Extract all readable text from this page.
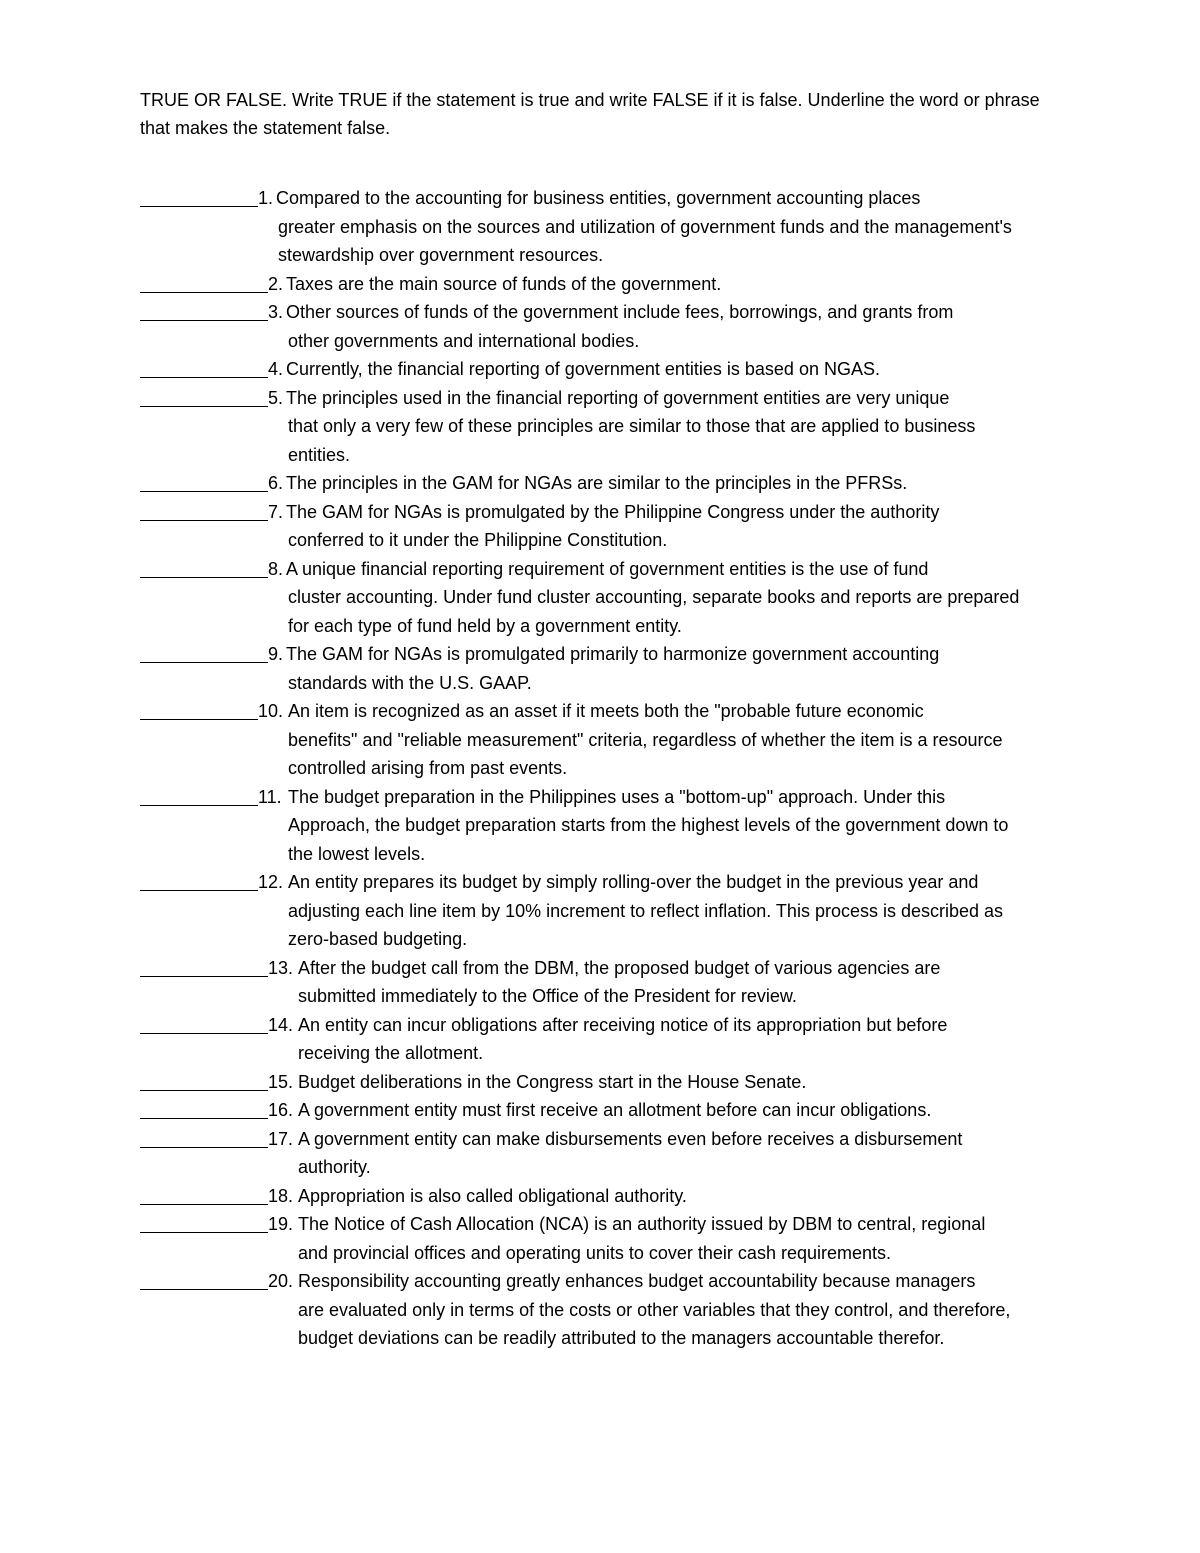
TRUE OR FALSE. Write TRUE if the statement is true and write FALSE if it is false. Underline the word or phrase that makes the statement false.
1. Compared to the accounting for business entities, government accounting places
greater emphasis on the sources and utilization of government funds and the management's stewardship over government resources.
2. Taxes are the main source of funds of the government.
3. Other sources of funds of the government include fees, borrowings, and grants from
other governments and international bodies.
4. Currently, the financial reporting of government entities is based on NGAS.
5. The principles used in the financial reporting of government entities are very unique
that only a very few of these principles are similar to those that are applied to business entities.
6. The principles in the GAM for NGAs are similar to the principles in the PFRSs.
7. The GAM for NGAs is promulgated by the Philippine Congress under the authority
conferred to it under the Philippine Constitution.
8. A unique financial reporting requirement of government entities is the use of fund
cluster accounting. Under fund cluster accounting, separate books and reports are prepared for each type of fund held by a government entity.
9. The GAM for NGAs is promulgated primarily to harmonize government accounting
standards with the U.S. GAAP.
10. An item is recognized as an asset if it meets both the "probable future economic
benefits" and "reliable measurement" criteria, regardless of whether the item is a resource controlled arising from past events.
11. The budget preparation in the Philippines uses a "bottom-up" approach. Under this
Approach, the budget preparation starts from the highest levels of the government down to the lowest levels.
12. An entity prepares its budget by simply rolling-over the budget in the previous year and
adjusting each line item by 10% increment to reflect inflation. This process is described as zero-based budgeting.
13. After the budget call from the DBM, the proposed budget of various agencies are
submitted immediately to the Office of the President for review.
14. An entity can incur obligations after receiving notice of its appropriation but before
receiving the allotment.
15. Budget deliberations in the Congress start in the House Senate.
16. A government entity must first receive an allotment before can incur obligations.
17. A government entity can make disbursements even before receives a disbursement
authority.
18. Appropriation is also called obligational authority.
19. The Notice of Cash Allocation (NCA) is an authority issued by DBM to central, regional
and provincial offices and operating units to cover their cash requirements.
20. Responsibility accounting greatly enhances budget accountability because managers
are evaluated only in terms of the costs or other variables that they control, and therefore, budget deviations can be readily attributed to the managers accountable therefor.
